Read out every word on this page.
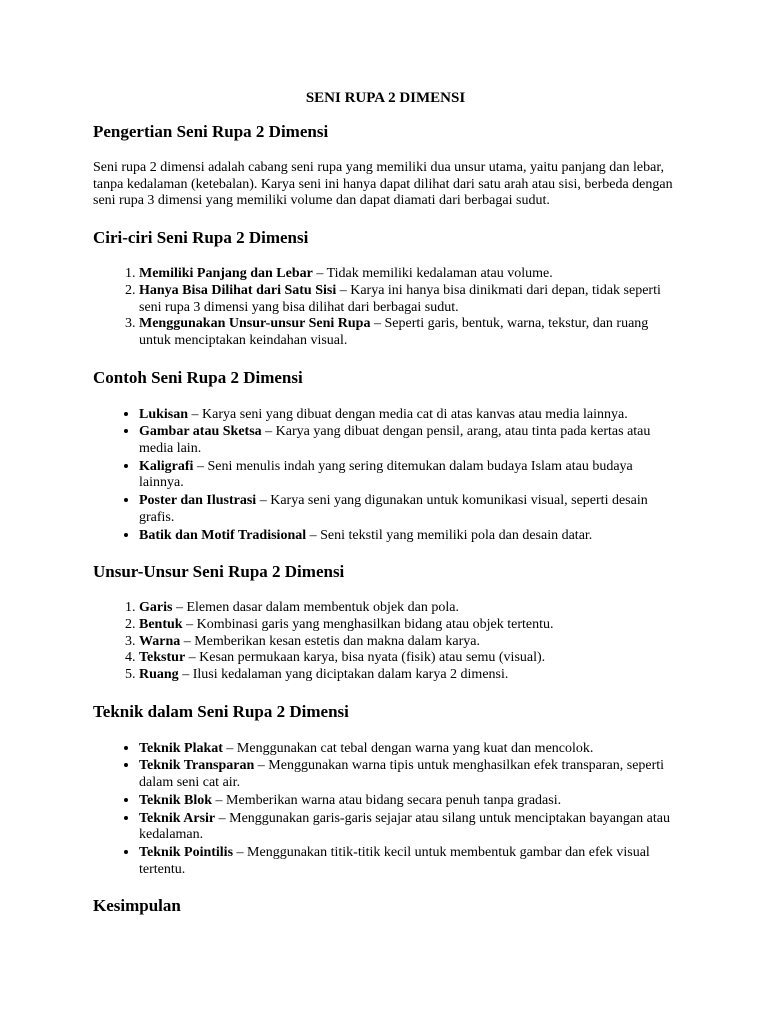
SENI RUPA 2 DIMENSI
Pengertian Seni Rupa 2 Dimensi

Seni rupa 2 dimensi adalah cabang seni rupa yang memiliki dua unsur utama, yaitu panjang dan lebar, tanpa kedalaman (ketebalan). Karya seni ini hanya dapat dilihat dari satu arah atau sisi, berbeda dengan seni rupa 3 dimensi yang memiliki volume dan dapat diamati dari berbagai sudut.

Ciri-ciri Seni Rupa 2 Dimensi
1. Memiliki Panjang dan Lebar – Tidak memiliki kedalaman atau volume.
2. Hanya Bisa Dilihat dari Satu Sisi – Karya ini hanya bisa dinikmati dari depan, tidak seperti seni rupa 3 dimensi yang bisa dilihat dari berbagai sudut.
3. Menggunakan Unsur-unsur Seni Rupa – Seperti garis, bentuk, warna, tekstur, dan ruang untuk menciptakan keindahan visual.
Contoh Seni Rupa 2 Dimensi
• Lukisan – Karya seni yang dibuat dengan media cat di atas kanvas atau media lainnya.
• Gambar atau Sketsa – Karya yang dibuat dengan pensil, arang, atau tinta pada kertas atau media lain.
• Kaligrafi – Seni menulis indah yang sering ditemukan dalam budaya Islam atau budaya lainnya.
• Poster dan Ilustrasi – Karya seni yang digunakan untuk komunikasi visual, seperti desain grafis.
• Batik dan Motif Tradisional – Seni tekstil yang memiliki pola dan desain datar.
Unsur-Unsur Seni Rupa 2 Dimensi
1. Garis – Elemen dasar dalam membentuk objek dan pola.
2. Bentuk – Kombinasi garis yang menghasilkan bidang atau objek tertentu.
3. Warna – Memberikan kesan estetis dan makna dalam karya.
4. Tekstur – Kesan permukaan karya, bisa nyata (fisik) atau semu (visual).
5. Ruang – Ilusi kedalaman yang diciptakan dalam karya 2 dimensi.
Teknik dalam Seni Rupa 2 Dimensi
• Teknik Plakat – Menggunakan cat tebal dengan warna yang kuat dan mencolok.
• Teknik Transparan – Menggunakan warna tipis untuk menghasilkan efek transparan, seperti dalam seni cat air.
• Teknik Blok – Memberikan warna atau bidang secara penuh tanpa gradasi.
• Teknik Arsir – Menggunakan garis-garis sejajar atau silang untuk menciptakan bayangan atau kedalaman.
• Teknik Pointilis – Menggunakan titik-titik kecil untuk membentuk gambar dan efek visual tertentu.
Kesimpulan
